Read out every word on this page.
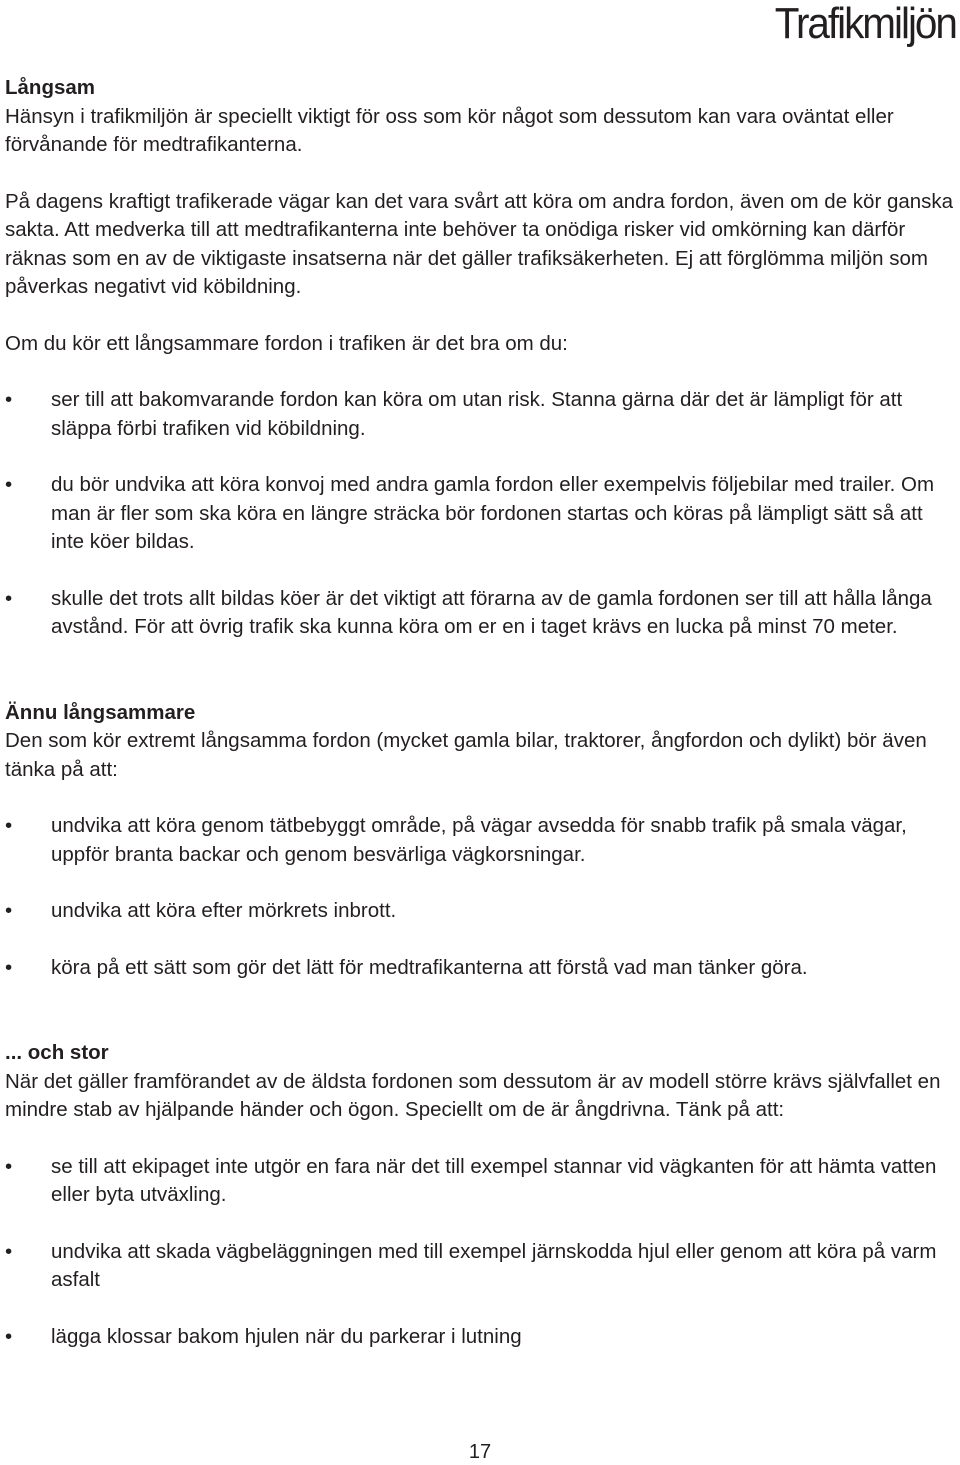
Trafikmiljön
Långsam

Hänsyn i trafikmiljön är speciellt viktigt för oss som kör något som dessutom kan vara oväntat eller förvånande för medtrafikanterna.

På dagens kraftigt trafikerade vägar kan det vara svårt att köra om andra fordon, även om de kör ganska sakta. Att medverka till att medtrafikanterna inte behöver ta onödiga risker vid omkörning kan därför räknas som en av de viktigaste insatserna när det gäller trafiksäkerheten. Ej att förglömma miljön som påverkas negativt vid köbildning.

Om du kör ett långsammare fordon i trafiken är det bra om du:

• ser till att bakomvarande fordon kan köra om utan risk. Stanna gärna där det är lämpligt för att släppa förbi trafiken vid köbildning.
• du bör undvika att köra konvoj med andra gamla fordon eller exempelvis följebilar med trailer. Om man är fler som ska köra en längre sträcka bör fordonen startas och köras på lämpligt sätt så att inte köer bildas.
• skulle det trots allt bildas köer är det viktigt att förarna av de gamla fordonen ser till att hålla långa avstånd. För att övrig trafik ska kunna köra om er en i taget krävs en lucka på minst 70 meter.
Ännu långsammare

Den som kör extremt långsamma fordon (mycket gamla bilar, traktorer, ångfordon och dylikt) bör även tänka på att:

• undvika att köra genom tätbebyggt område, på vägar avsedda för snabb trafik på smala vägar, uppför branta backar och genom besvärliga vägkorsningar.
• undvika att köra efter mörkrets inbrott.
• köra på ett sätt som gör det lätt för medtrafikanterna att förstå vad man tänker göra.
... och stor

När det gäller framförandet av de äldsta fordonen som dessutom är av modell större krävs självfallet en mindre stab av hjälpande händer och ögon. Speciellt om de är ångdrivna. Tänk på att:

• se till att ekipaget inte utgör en fara när det till exempel stannar vid vägkanten för att hämta vatten eller byta utväxling.
• undvika att skada vägbeläggningen med till exempel järnskodda hjul eller genom att köra på varm asfalt
• lägga klossar bakom hjulen när du parkerar i lutning
17
